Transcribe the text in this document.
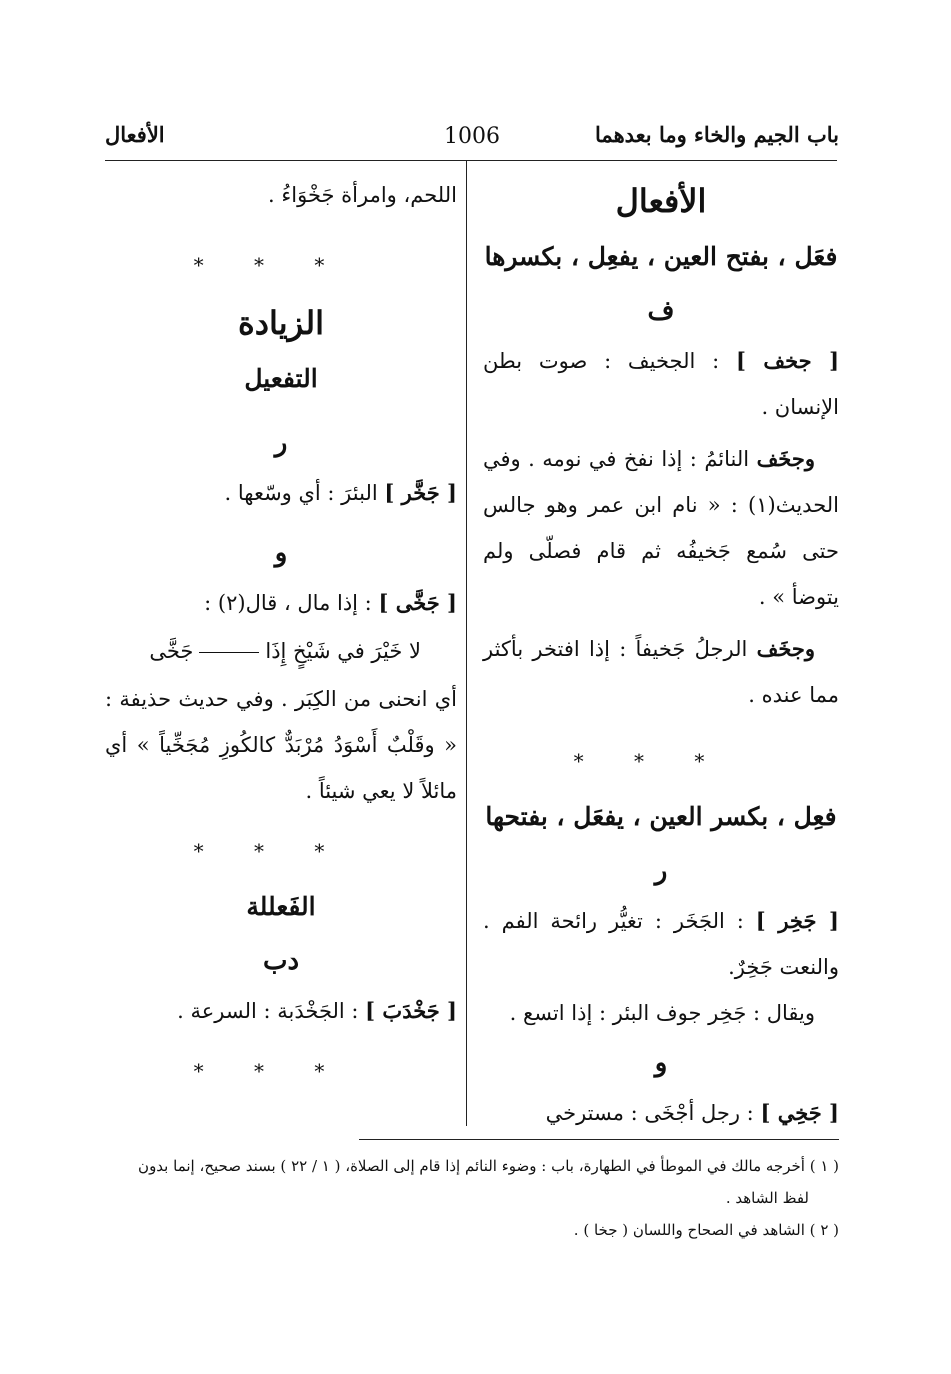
باب الجيم والخاء وما بعدهما
1006
الأفعال

الأفعال

فعَل ، بفتح العين ، يفعِل ، بكسرها

ف

[ جخف ] : الجخيف : صوت بطن الإنسان .

وجخَف النائمُ : إذا نفخ في نومه . وفي الحديث(١) : « نام ابن عمر وهو جالس حتى سُمع جَخيفُه ثم قام فصلّى ولم يتوضأ » .

وجخَف الرجلُ جَخيفاً : إذا افتخر بأكثر مما عنده .

* * *

فعِل ، بكسر العين ، يفعَل ، بفتحها

ر

[ جَخِر ] : الجَخَر : تغيُّر رائحة الفم . والنعت جَخِرٌ.

ويقال : جَخِر جوف البئر : إذا اتسع .

و

[ جَخِي ] : رجل أجْخَى : مسترخي

اللحم، وامرأة جَخْوَاءُ .

* * *

الزيادة

التفعيل

ر

[ جَخَّر ] البئرَ : أي وسّعها .

و

[ جَخَّى ] : إذا مال ، قال(٢) :

لا خَيْرَ في شَيْخٍ إِذَاجَخَّى

أي انحنى من الكِبَر . وفي حديث حذيفة : « وقَلْبٌ أَسْوَدُ مُرْبَدٌّ كالكُوزِ مُجَخِّياً » أي مائلاً لا يعي شيئاً .

* * *

الفَعللة

دب

[ جَخْدَبَ ] : الجَخْدَبة : السرعة .

* * *

( ١ ) أخرجه مالك في الموطأ في الطهارة، باب : وضوء النائم إذا قام إلى الصلاة، ( ١ / ٢٢ ) بسند صحيح، إنما بدون

لفظ الشاهد .

( ٢ ) الشاهد في الصحاح واللسان ( جخا ) .
